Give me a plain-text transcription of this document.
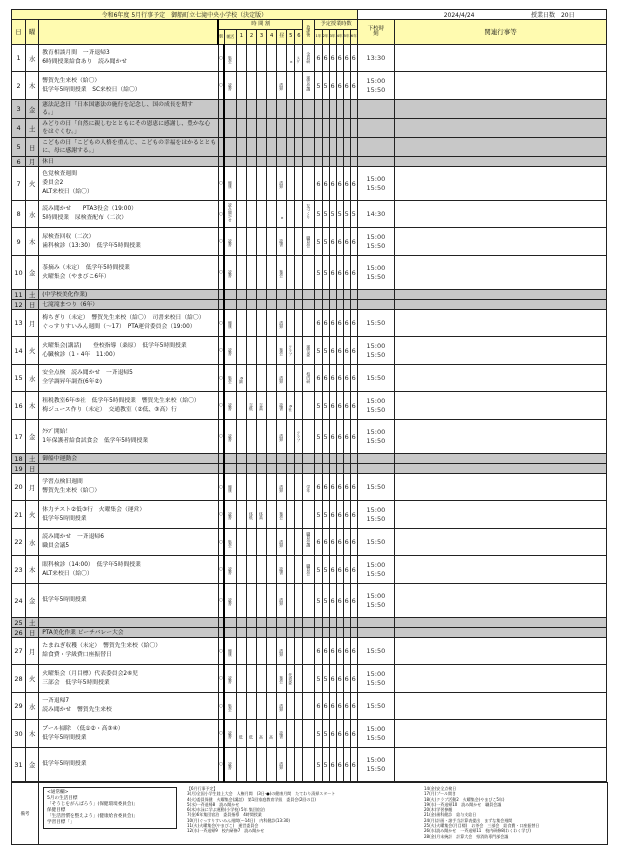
令和6年度 5月行事予定　御船町立七滝中央小学校（決定版）	2024/4/24	授業日数 20日
日	曜		時 間 割	放課後	予定授業時数	下校時刻	関連行事等
朝	朝活	1	2	3	4	昼	5	6	1年	2年	3年	4年	5年	6年
1	水	
教育相談月間　一斉退帰3
6時間授業給食あり　読み聞かせ
	○	集会						×	スケ	全員研	6	6	6	6	6	6	13:30

2	木	
響賀先生来校（給〇）
低学年5時間授業　SC来校日（給〇）
	○	読書					清掃			運営会議	5	5	6	6	6	6	
15:00
15:50

3	金	
憲法記念日「日本国憲法の施行を記念し、国の成長を期す
る。」

4	土	
みどりの日「自然に親しむとともにその恩恵に感謝し、豊かな心
をはぐくむ。」

5	日	
こどもの日「こどもの人格を重んじ、こどもの幸福をはかるととも
に、母に感謝する。」

6	月	休日

7	火	
色覚検査週間
委員会2
ALT来校日（給〇）
	○	健康					清掃				6	6	6	6	6	6	
15:00
15:50

8	水	
読み聞かせ　　PTA3役会（19:00）
5時間授業　尿検査配布（二次）
	○	読み聞かせ					×			友づくり	5	5	5	5	5	5	14:30

9	木	
尿検査回収（二次）
歯科検診（13:30）　低学年5時間授業
	○	読書					読書			職員会	5	5	6	6	6	6	
15:00
15:50

10	金	
茶摘み（未定）　低学年5時間授業
火曜集会（やまびこ6年）
	○	読書					集会				5	5	6	6	6	6	
15:00
15:50

11	土	(中学校美化作業)

12	日	七滝滝まつり（6年）

13	月	
梅ちぎり（未定）　響賀先生来校（給〇）　司書来校日（給〇）
ぐっすりすいみん週間（〜17）　PTA運営委員会（19:00）
	○	健康					清掃				6	6	6	6	6	6	15:50

14	火	
火曜集会(講話)　　登校指導（桑原）　低学年5時間授業
心臓検診（1・4年　11:00）
	○	読書					集会	クラブ		運営委	5	5	6	6	6	6	
15:00
15:50

15	水	
安全点検　読み聞かせ　一斉退帰5
全学調昇年調査(6年②)
	○	集会	6調				清掃			校内研	6	6	6	6	6	6	15:50

16	木	
租税教室6年⑤社　低学年5時間授業　響賀先生来校（給〇）
梅ジュース作り（未定）　交通教室（②低、③高）行
	○	読書		交低	交高		読書	6社			5	5	6	6	6	6	
15:00
15:50

17	金	
ｸﾗﾌﾞ開始！
1年保護者給食試食会　低学年5時間授業
	○	読書					清掃		クラブ		5	5	6	6	6	6	
15:00
15:50

18	土	御船中運動会

19	日	

20	月	
学習点検旧週間
響賀先生来校（給〇）
	○	健康					清掃			学年	6	6	6	6	6	6	15:50

21	火	
体力テスト②低③行　火曜集会（運営）
低学年5時間授業
	○	読書		体低	体高		集会				5	5	6	6	6	6	
15:00
15:50

22	水	
読み聞かせ　一斉退帰6
職員会議5
	○	集会					清掃			職員会議	6	6	6	6	6	6	15:50

23	木	
眼科検診（14:00）　低学年5時間授業
ALT来校日（給〇）
	○	読書					読書			職員会	5	5	6	6	6	6	
15:00
15:50

24	金	低学年5時間授業	○	読書					清掃				5	5	6	6	6	6	
15:00
15:50

25	土	

26	日	PTA美化作業 ビーチバレー大会

27	月	
たまねぎ収穫（未定）　響賀先生来校（給〇）
給食費・学級費口座振替日
	○	健康					清掃				6	6	6	6	6	6	15:50

28	火	
火曜集会（月目標）代表委員会2⑥児
三部会　低学年5時間授業
	○	読書					集会	代表委			5	5	6	6	6	6	
15:00
15:50

29	水	
一斉退帰7
読み聞かせ　響賀先生来校
	○	集会					清掃				6	6	6	6	6	6	15:50

30	木	
プール掃除　（低①②・高③④）
低学年5時間授業
	○	読書	低	低	高	高	読書				5	5	6	6	6	6	
15:00
15:50

31	金	低学年5時間授業	○	読書					清掃				5	5	6	6	6	6	
15:00
15:50

備考	
<通常欄>
5月の生活目標
「そうじをがんばろう」(保健環境委員会)」
保健目標
「生活習慣を整えよう」(健康給食委員会)」
学習目標「」
【6月行事予定】
3(月)全国小学生陸上大会　人権月間　(3日-●)の健康月間　たてわり清掃スタート
4(火)委員保健　火曜集会(講話)　第1回家庭教育学級　委員会(2回の目)
5(水)一斉退帰8　読み聞かせ
6(木)水泳に学ぶ運動(小学校) 5年 集団宿泊
7(金)6年集団宿泊　委員指導　4時間授業
10(月)ぐっすりすいみん週間(〜14日)　内科健診(13:30)
11(火)火曜集会(やまびこ)　運営委員会
12(水)一斉退帰9　校内研修7　読み聞かせ
14(金)安全点検日
17(月)プール開き
18(火)クラブ活動2　火曜集会(やまびこ5年)
19(水)一斉退帰10　読み聞かせ　職員会議
20(木)学習参観
21(金)歯科健診　給与支給日
24(月)計画・諸手当計算表提出　まずな集会週間
25(火)火曜集会(月目標)　お茶会　三部会　給食費・口座振替日
26(水)読み聞かせ　一斉退帰11　校内研修8(わくわく学び)
28(金)月末統計　計算大会　県消防専門部会議
